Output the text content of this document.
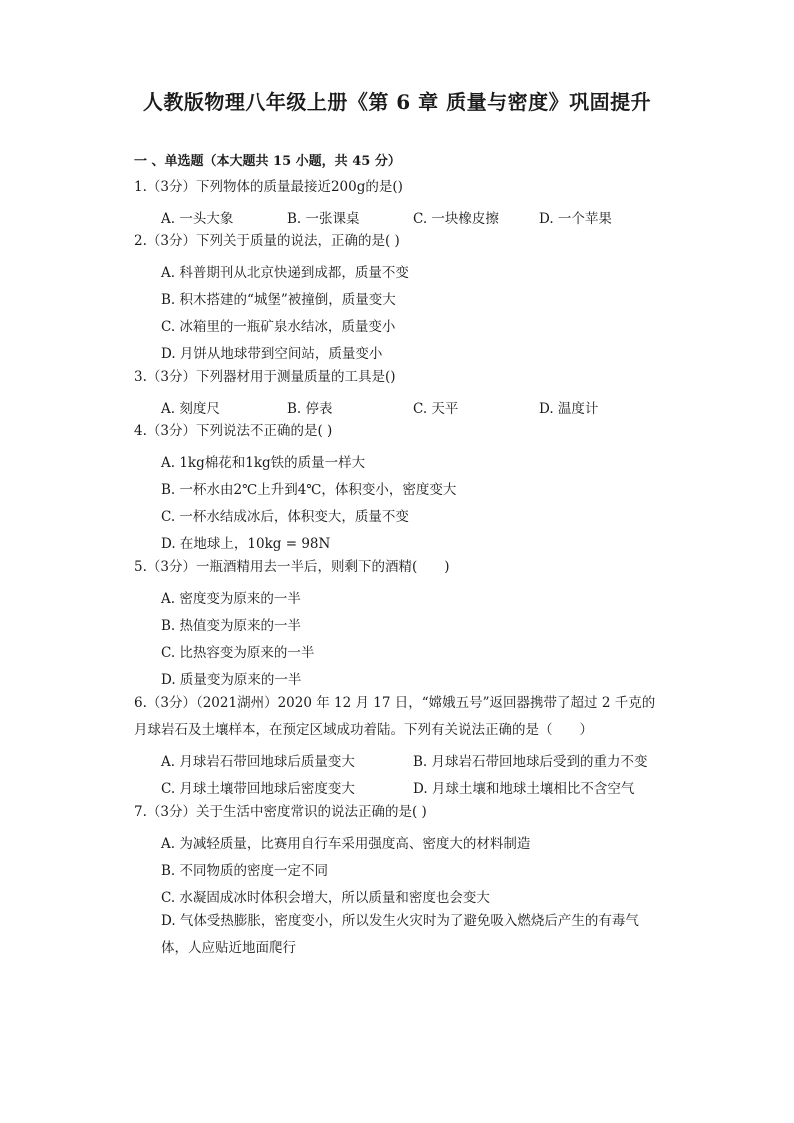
人教版物理八年级上册《第 6 章 质量与密度》巩固提升
一 、单选题（本大题共 15 小题，共 45 分）
1.（3分）下列物体的质量最接近200g的是()
A. 一头大象	B. 一张课桌	C. 一块橡皮擦	D. 一个苹果
2.（3分）下列关于质量的说法，正确的是( )
A. 科普期刊从北京快递到成都，质量不变
B. 积木搭建的“城堡”被撞倒，质量变大
C. 冰箱里的一瓶矿泉水结冰，质量变小
D. 月饼从地球带到空间站，质量变小
3.（3分）下列器材用于测量质量的工具是()
A. 刻度尺	B. 停表	C. 天平	D. 温度计
4.（3分）下列说法不正确的是( )
A. 1kg棉花和1kg铁的质量一样大
B. 一杯水由2℃上升到4℃，体积变小，密度变大
C. 一杯水结成冰后，体积变大，质量不变
D. 在地球上，10kg = 98N
5.（3分）一瓶酒精用去一半后，则剩下的酒精(　　)
A. 密度变为原来的一半
B. 热值变为原来的一半
C. 比热容变为原来的一半
D. 质量变为原来的一半
6.（3分）（2021湖州）2020 年 12 月 17 日，“嫦娥五号”返回器携带了超过 2 千克的月球岩石及土壤样本，在预定区域成功着陆。下列有关说法正确的是（　　）
A. 月球岩石带回地球后质量变大	B. 月球岩石带回地球后受到的重力不变
C. 月球土壤带回地球后密度变大	D. 月球土壤和地球土壤相比不含空气
7.（3分）关于生活中密度常识的说法正确的是( )
A. 为减轻质量，比赛用自行车采用强度高、密度大的材料制造
B. 不同物质的密度一定不同
C. 水凝固成冰时体积会增大，所以质量和密度也会变大
D. 气体受热膨胀，密度变小，所以发生火灾时为了避免吸入燃烧后产生的有毒气体，人应贴近地面爬行
